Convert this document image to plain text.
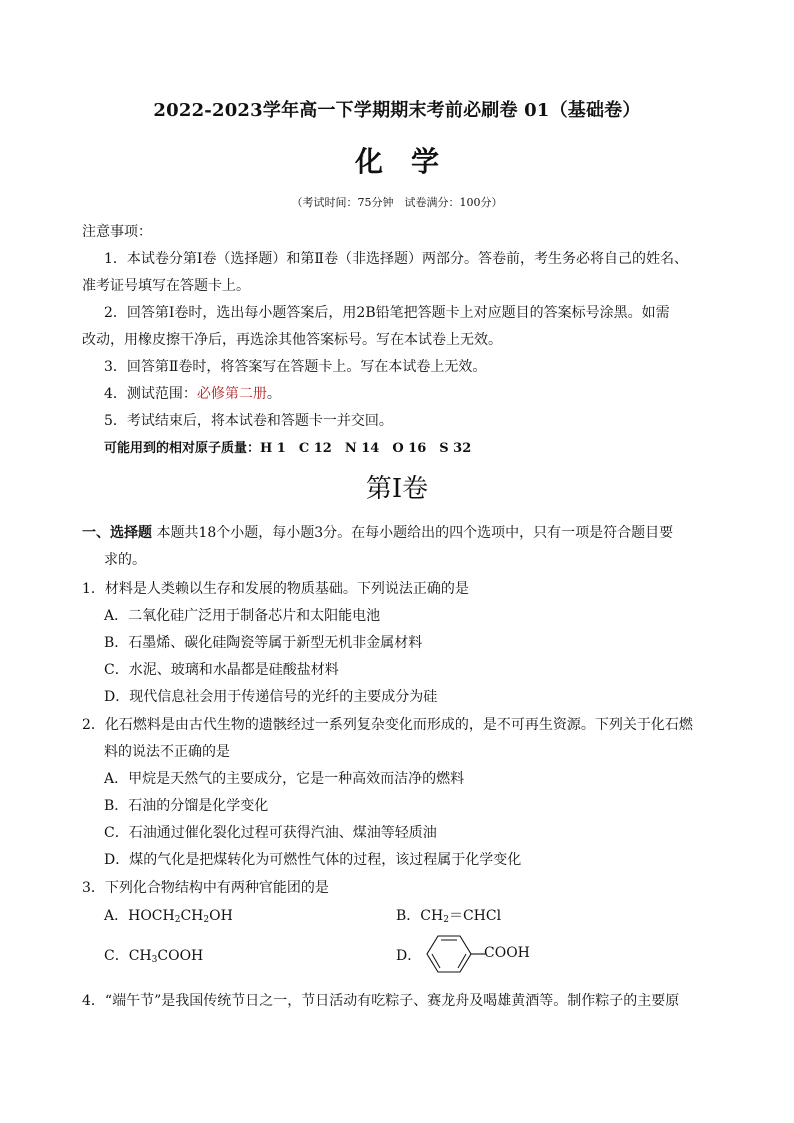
2022-2023学年高一下学期期末考前必刷卷 01（基础卷）
化学
（考试时间：75分钟　试卷满分：100分）
注意事项：
1．本试卷分第Ⅰ卷（选择题）和第Ⅱ卷（非选择题）两部分。答卷前，考生务必将自己的姓名、
准考证号填写在答题卡上。
2．回答第Ⅰ卷时，选出每小题答案后，用2B铅笔把答题卡上对应题目的答案标号涂黑。如需
改动，用橡皮擦干净后，再选涂其他答案标号。写在本试卷上无效。
3．回答第Ⅱ卷时，将答案写在答题卡上。写在本试卷上无效。
4．测试范围：必修第二册。
5．考试结束后，将本试卷和答题卡一并交回。
可能用到的相对原子质量：H 1　C 12　N 14　O 16　S 32
第Ⅰ卷
一、选择题 本题共18个小题，每小题3分。在每小题给出的四个选项中，只有一项是符合题目要
求的。
1．材料是人类赖以生存和发展的物质基础。下列说法正确的是
A．二氧化硅广泛用于制备芯片和太阳能电池
B．石墨烯、碳化硅陶瓷等属于新型无机非金属材料
C．水泥、玻璃和水晶都是硅酸盐材料
D．现代信息社会用于传递信号的光纤的主要成分为硅
2．化石燃料是由古代生物的遗骸经过一系列复杂变化而形成的，是不可再生资源。下列关于化石燃
料的说法不正确的是
A．甲烷是天然气的主要成分，它是一种高效而洁净的燃料
B．石油的分馏是化学变化
C．石油通过催化裂化过程可获得汽油、煤油等轻质油
D．煤的气化是把煤转化为可燃性气体的过程，该过程属于化学变化
3．下列化合物结构中有两种官能团的是
A．$HOCH_2CH_2OH$	B．$CH_2=CHCl$
C．$CH_3COOH$	D．	COOH
4．“端午节”是我国传统节日之一，节日活动有吃粽子、赛龙舟及喝雄黄酒等。制作粽子的主要原
